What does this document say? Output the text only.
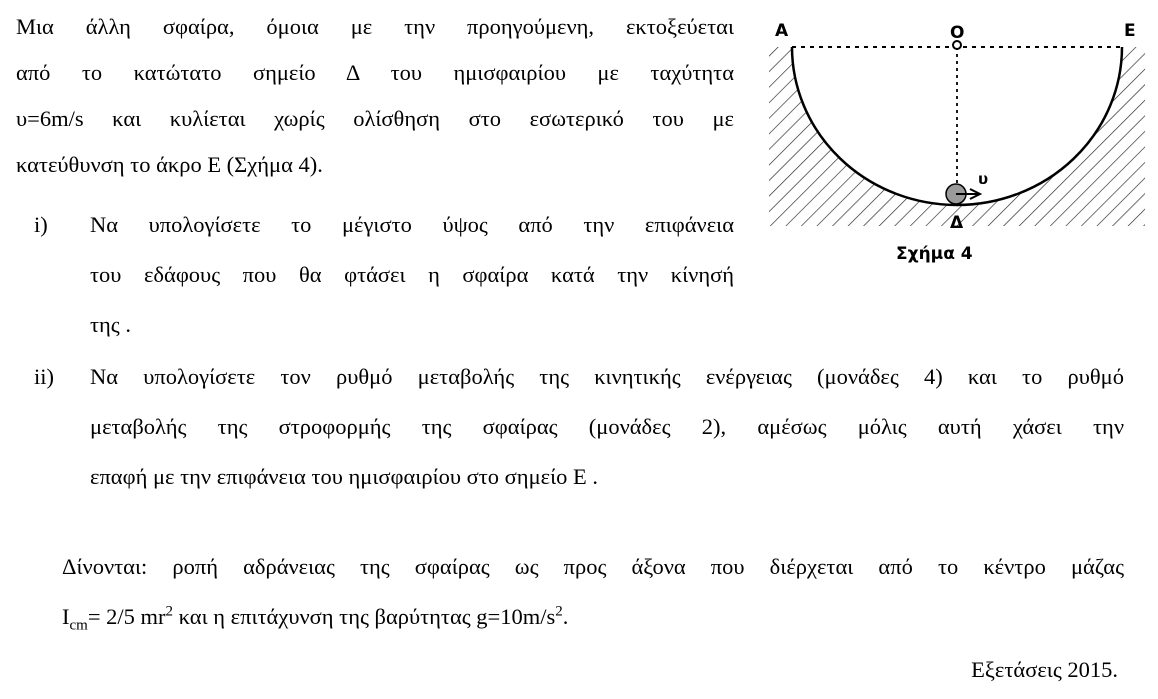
Μια άλλη σφαίρα, όμοια με την προηγούμενη, εκτοξεύεται
από το κατώτατο σημείο Δ του ημισφαιρίου με ταχύτητα
υ=6m/s και κυλίεται χωρίς ολίσθηση στο εσωτερικό του με
κατεύθυνση το άκρο Ε (Σχήμα 4).
i) Να υπολογίσετε το μέγιστο ύψος από την επιφάνεια
του εδάφους που θα φτάσει η σφαίρα κατά την κίνησή
της .
ii) Να υπολογίσετε τον ρυθμό μεταβολής της κινητικής ενέργειας (μονάδες 4) και το ρυθμό
μεταβολής της στροφορμής της σφαίρας (μονάδες 2), αμέσως μόλις αυτή χάσει την
επαφή με την επιφάνεια του ημισφαιρίου στο σημείο Ε .
Δίνονται: ροπή αδράνειας της σφαίρας ως προς άξονα που διέρχεται από το κέντρο μάζας
$I_{cm}= 2/5$ $mr^2$ και η επιτάχυνση της βαρύτητας $g=10m/s^2$.
Εξετάσεις 2015.
A	O	E
Δ
υ
Σχήμα 4
